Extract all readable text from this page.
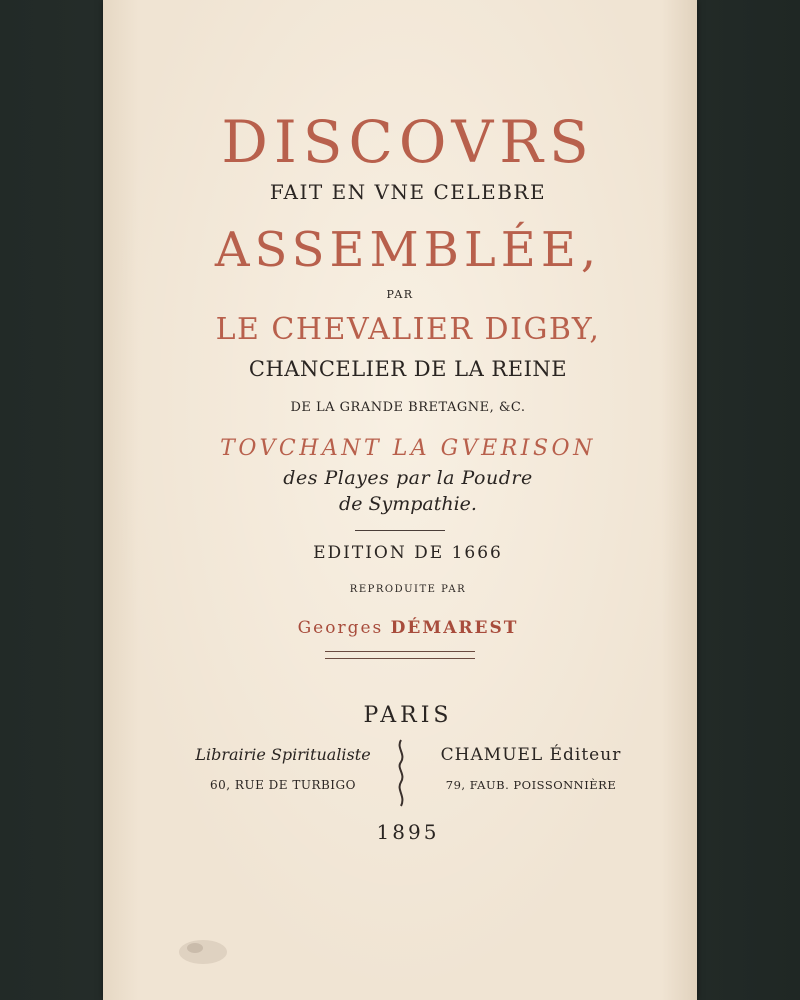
DISCOVRS
FAIT EN VNE CELEBRE
ASSEMBLÉE,
PAR
LE CHEVALIER DIGBY,
CHANCELIER DE LA REINE
DE LA GRANDE BRETAGNE, &C.
TOVCHANT LA GVERISON
des Playes par la Poudre
de Sympathie.
EDITION DE 1666
REPRODUITE PAR
Georges DÉMAREST
PARIS
Librairie Spiritualiste
60, RUE DE TURBIGO
CHAMUEL Éditeur
79, FAUB. POISSONNIÈRE
1895
